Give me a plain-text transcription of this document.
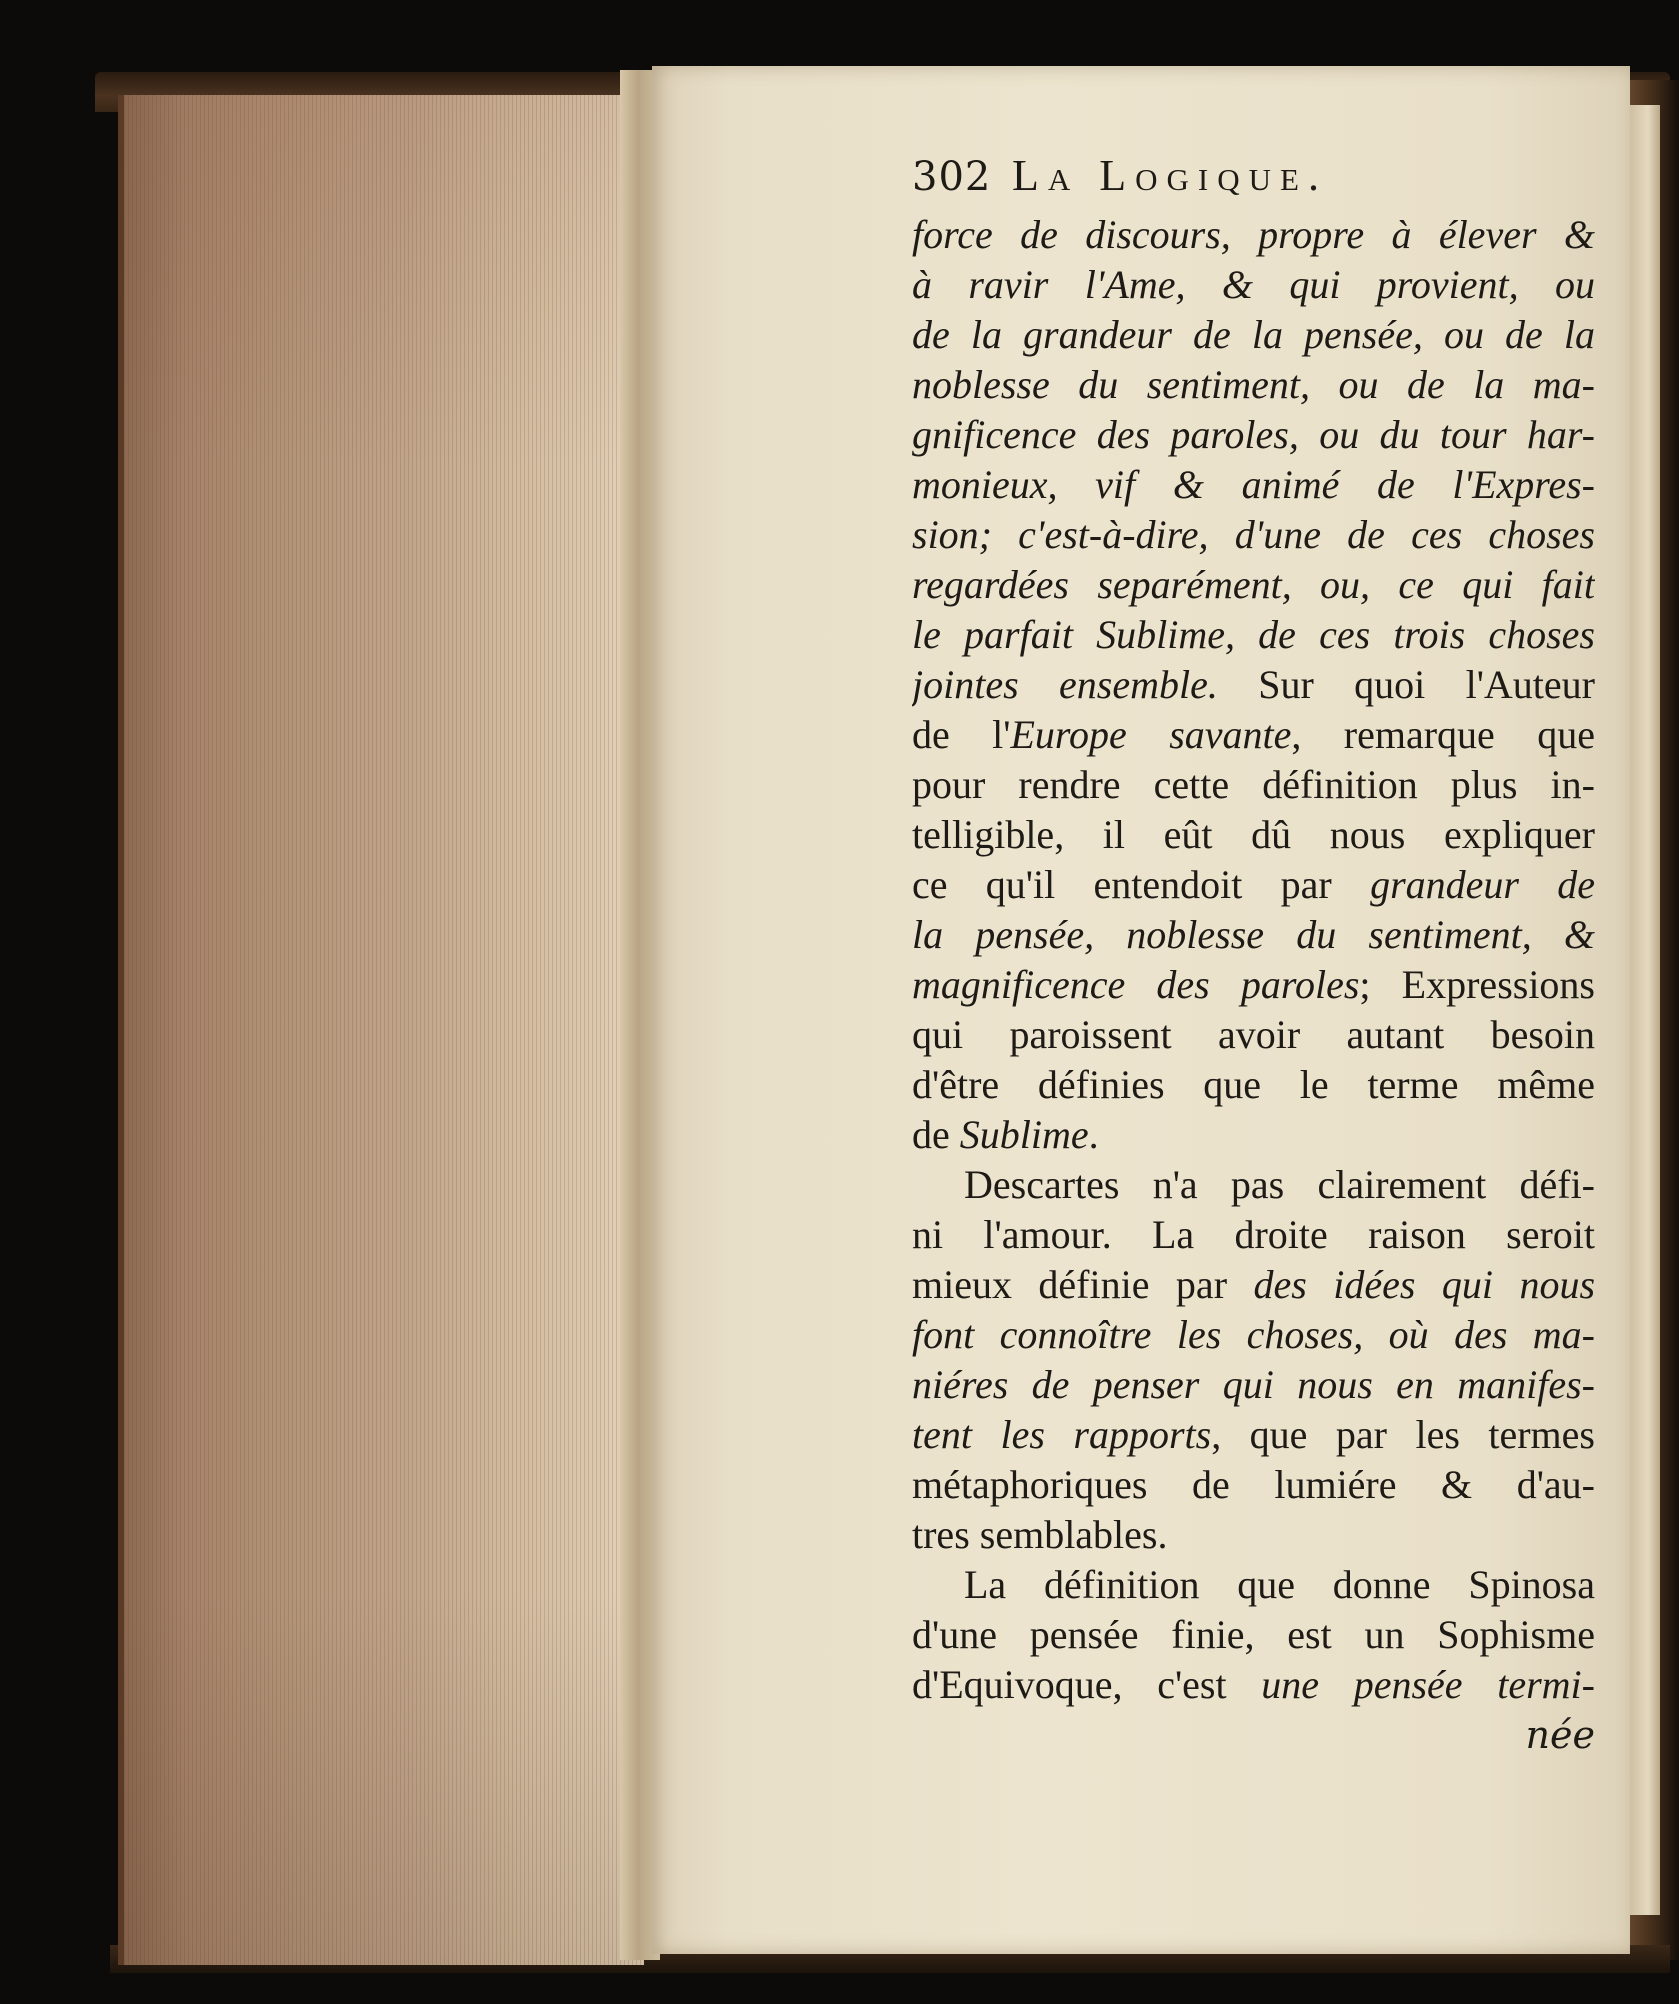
302 La Logique.
force de discours, propre à élever &
à ravir l'Ame, & qui provient, ou
de la grandeur de la pensée, ou de la
noblesse du sentiment, ou de la ma-
gnificence des paroles, ou du tour har-
monieux, vif & animé de l'Expres-
sion; c'est-à-dire, d'une de ces choses
regardées separément, ou, ce qui fait
le parfait Sublime, de ces trois choses
jointes ensemble. Sur quoi l'Auteur
de l'Europe savante, remarque que
pour rendre cette définition plus in-
telligible, il eût dû nous expliquer
ce qu'il entendoit par grandeur de
la pensée, noblesse du sentiment, &
magnificence des paroles; Expressions
qui paroissent avoir autant besoin
d'être définies que le terme même
de Sublime.
Descartes n'a pas clairement défi-
ni l'amour. La droite raison seroit
mieux définie par des idées qui nous
font connoître les choses, où des ma-
niéres de penser qui nous en manifes-
tent les rapports, que par les termes
métaphoriques de lumiére & d'au-
tres semblables.
La définition que donne Spinosa
d'une pensée finie, est un Sophisme
d'Equivoque, c'est une pensée termi-
née
